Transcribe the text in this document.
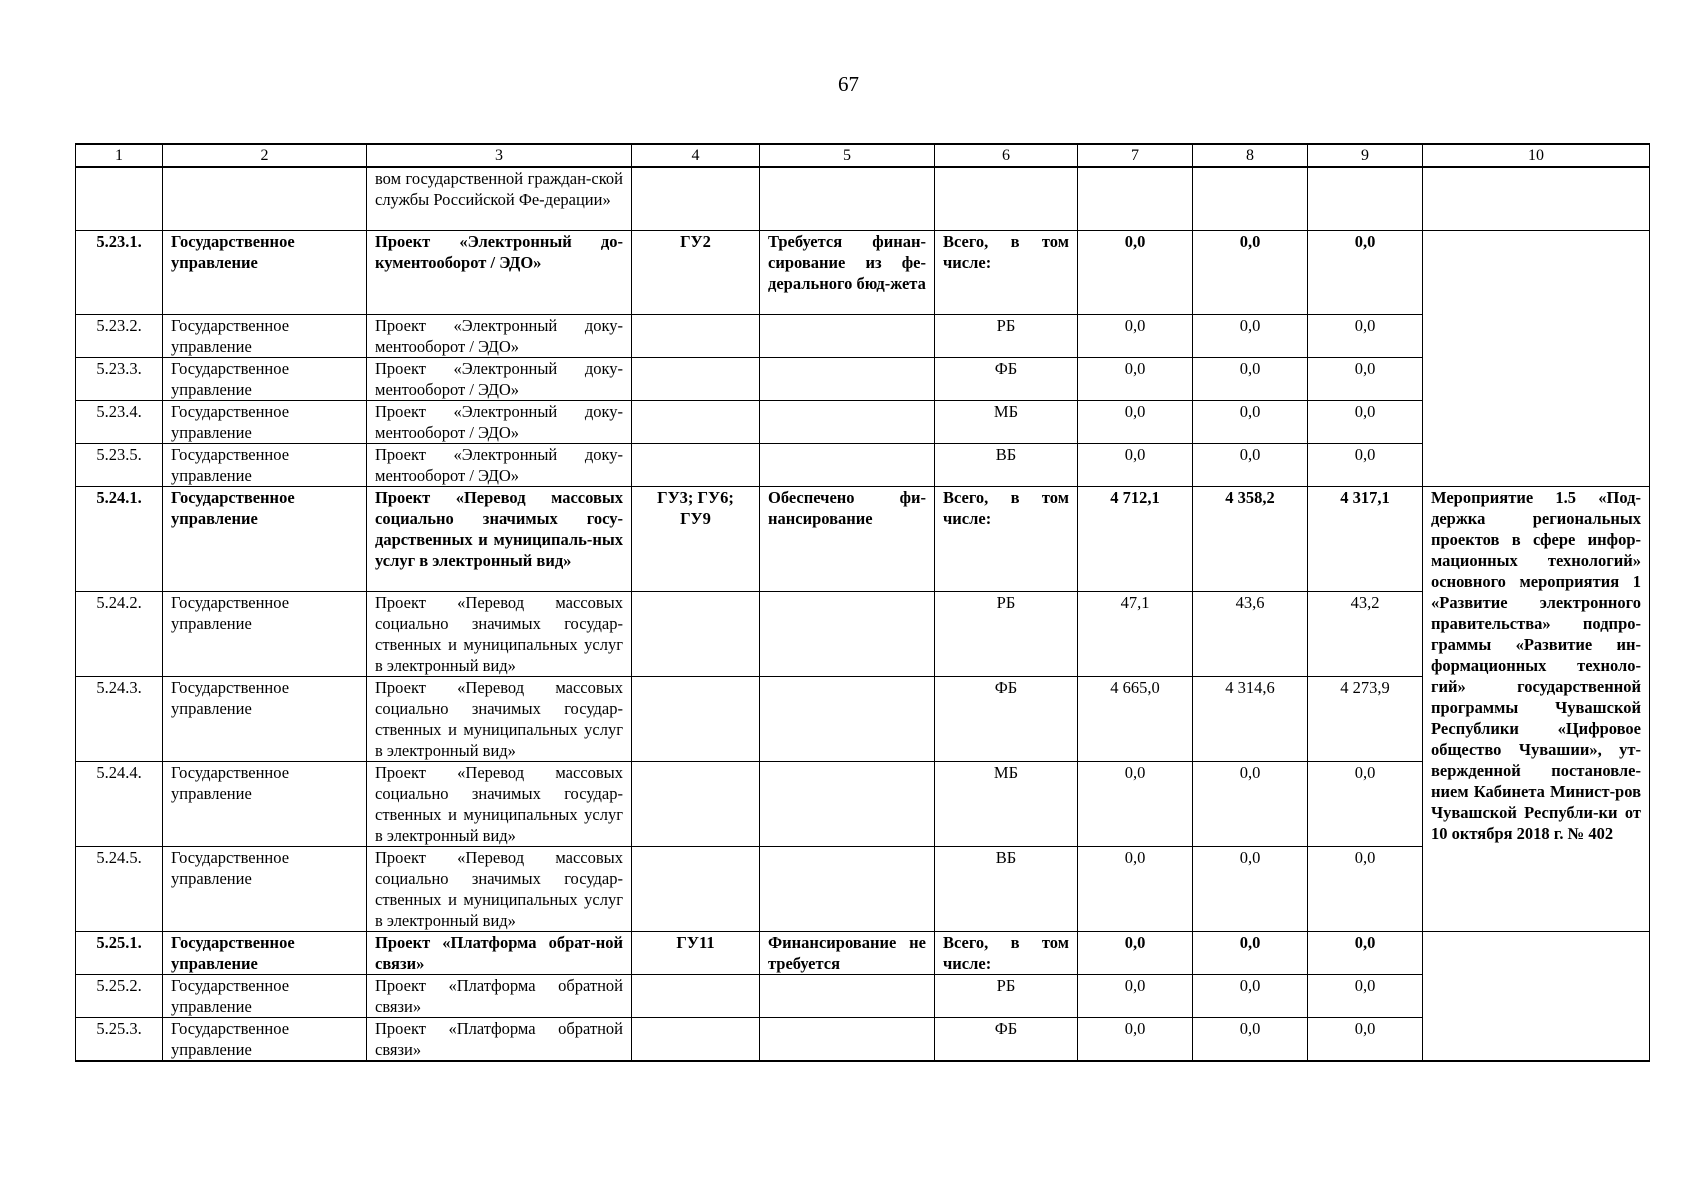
67
1	2	3	4	5	6	7	8	9	10
		вом государственной граждан-ской службы Российской Фе-дерации»							
5.23.1.	Государственное управление	Проект «Электронный до-кументооборот / ЭДО»	ГУ2	Требуется финан-сирование из фе-дерального бюд-жета	Всего, в том числе:	0,0	0,0	0,0	
5.23.2.	Государственное управление	Проект «Электронный доку-ментооборот / ЭДО»			РБ	0,0	0,0	0,0	
5.23.3.	Государственное управление	Проект «Электронный доку-ментооборот / ЭДО»			ФБ	0,0	0,0	0,0	
5.23.4.	Государственное управление	Проект «Электронный доку-ментооборот / ЭДО»			МБ	0,0	0,0	0,0	
5.23.5.	Государственное управление	Проект «Электронный доку-ментооборот / ЭДО»			ВБ	0,0	0,0	0,0	
5.24.1.	Государственное управление	Проект «Перевод массовых социально значимых госу-дарственных и муниципаль-ных услуг в электронный вид»	ГУ3; ГУ6; ГУ9	Обеспечено фи-нансирование	Всего, в том числе:	4 712,1	4 358,2	4 317,1	Мероприятие 1.5 «Под-держка региональных проектов в сфере инфор-мационных технологий» основного мероприятия 1 «Развитие электронного правительства» подпро-граммы «Развитие ин-формационных техноло-гий» государственной программы Чувашской Республики «Цифровое общество Чувашии», ут-вержденной постановле-нием Кабинета Минист-ров Чувашской Республи-ки от 10 октября 2018 г. № 402
5.24.2.	Государственное управление	Проект «Перевод массовых социально значимых государ-ственных и муниципальных услуг в электронный вид»			РБ	47,1	43,6	43,2	
5.24.3.	Государственное управление	Проект «Перевод массовых социально значимых государ-ственных и муниципальных услуг в электронный вид»			ФБ	4 665,0	4 314,6	4 273,9	
5.24.4.	Государственное управление	Проект «Перевод массовых социально значимых государ-ственных и муниципальных услуг в электронный вид»			МБ	0,0	0,0	0,0	
5.24.5.	Государственное управление	Проект «Перевод массовых социально значимых государ-ственных и муниципальных услуг в электронный вид»			ВБ	0,0	0,0	0,0	
5.25.1.	Государственное управление	Проект «Платформа обрат-ной связи»	ГУ11	Финансирование не требуется	Всего, в том числе:	0,0	0,0	0,0	
5.25.2.	Государственное управление	Проект «Платформа обратной связи»			РБ	0,0	0,0	0,0	
5.25.3.	Государственное управление	Проект «Платформа обратной связи»			ФБ	0,0	0,0	0,0	
